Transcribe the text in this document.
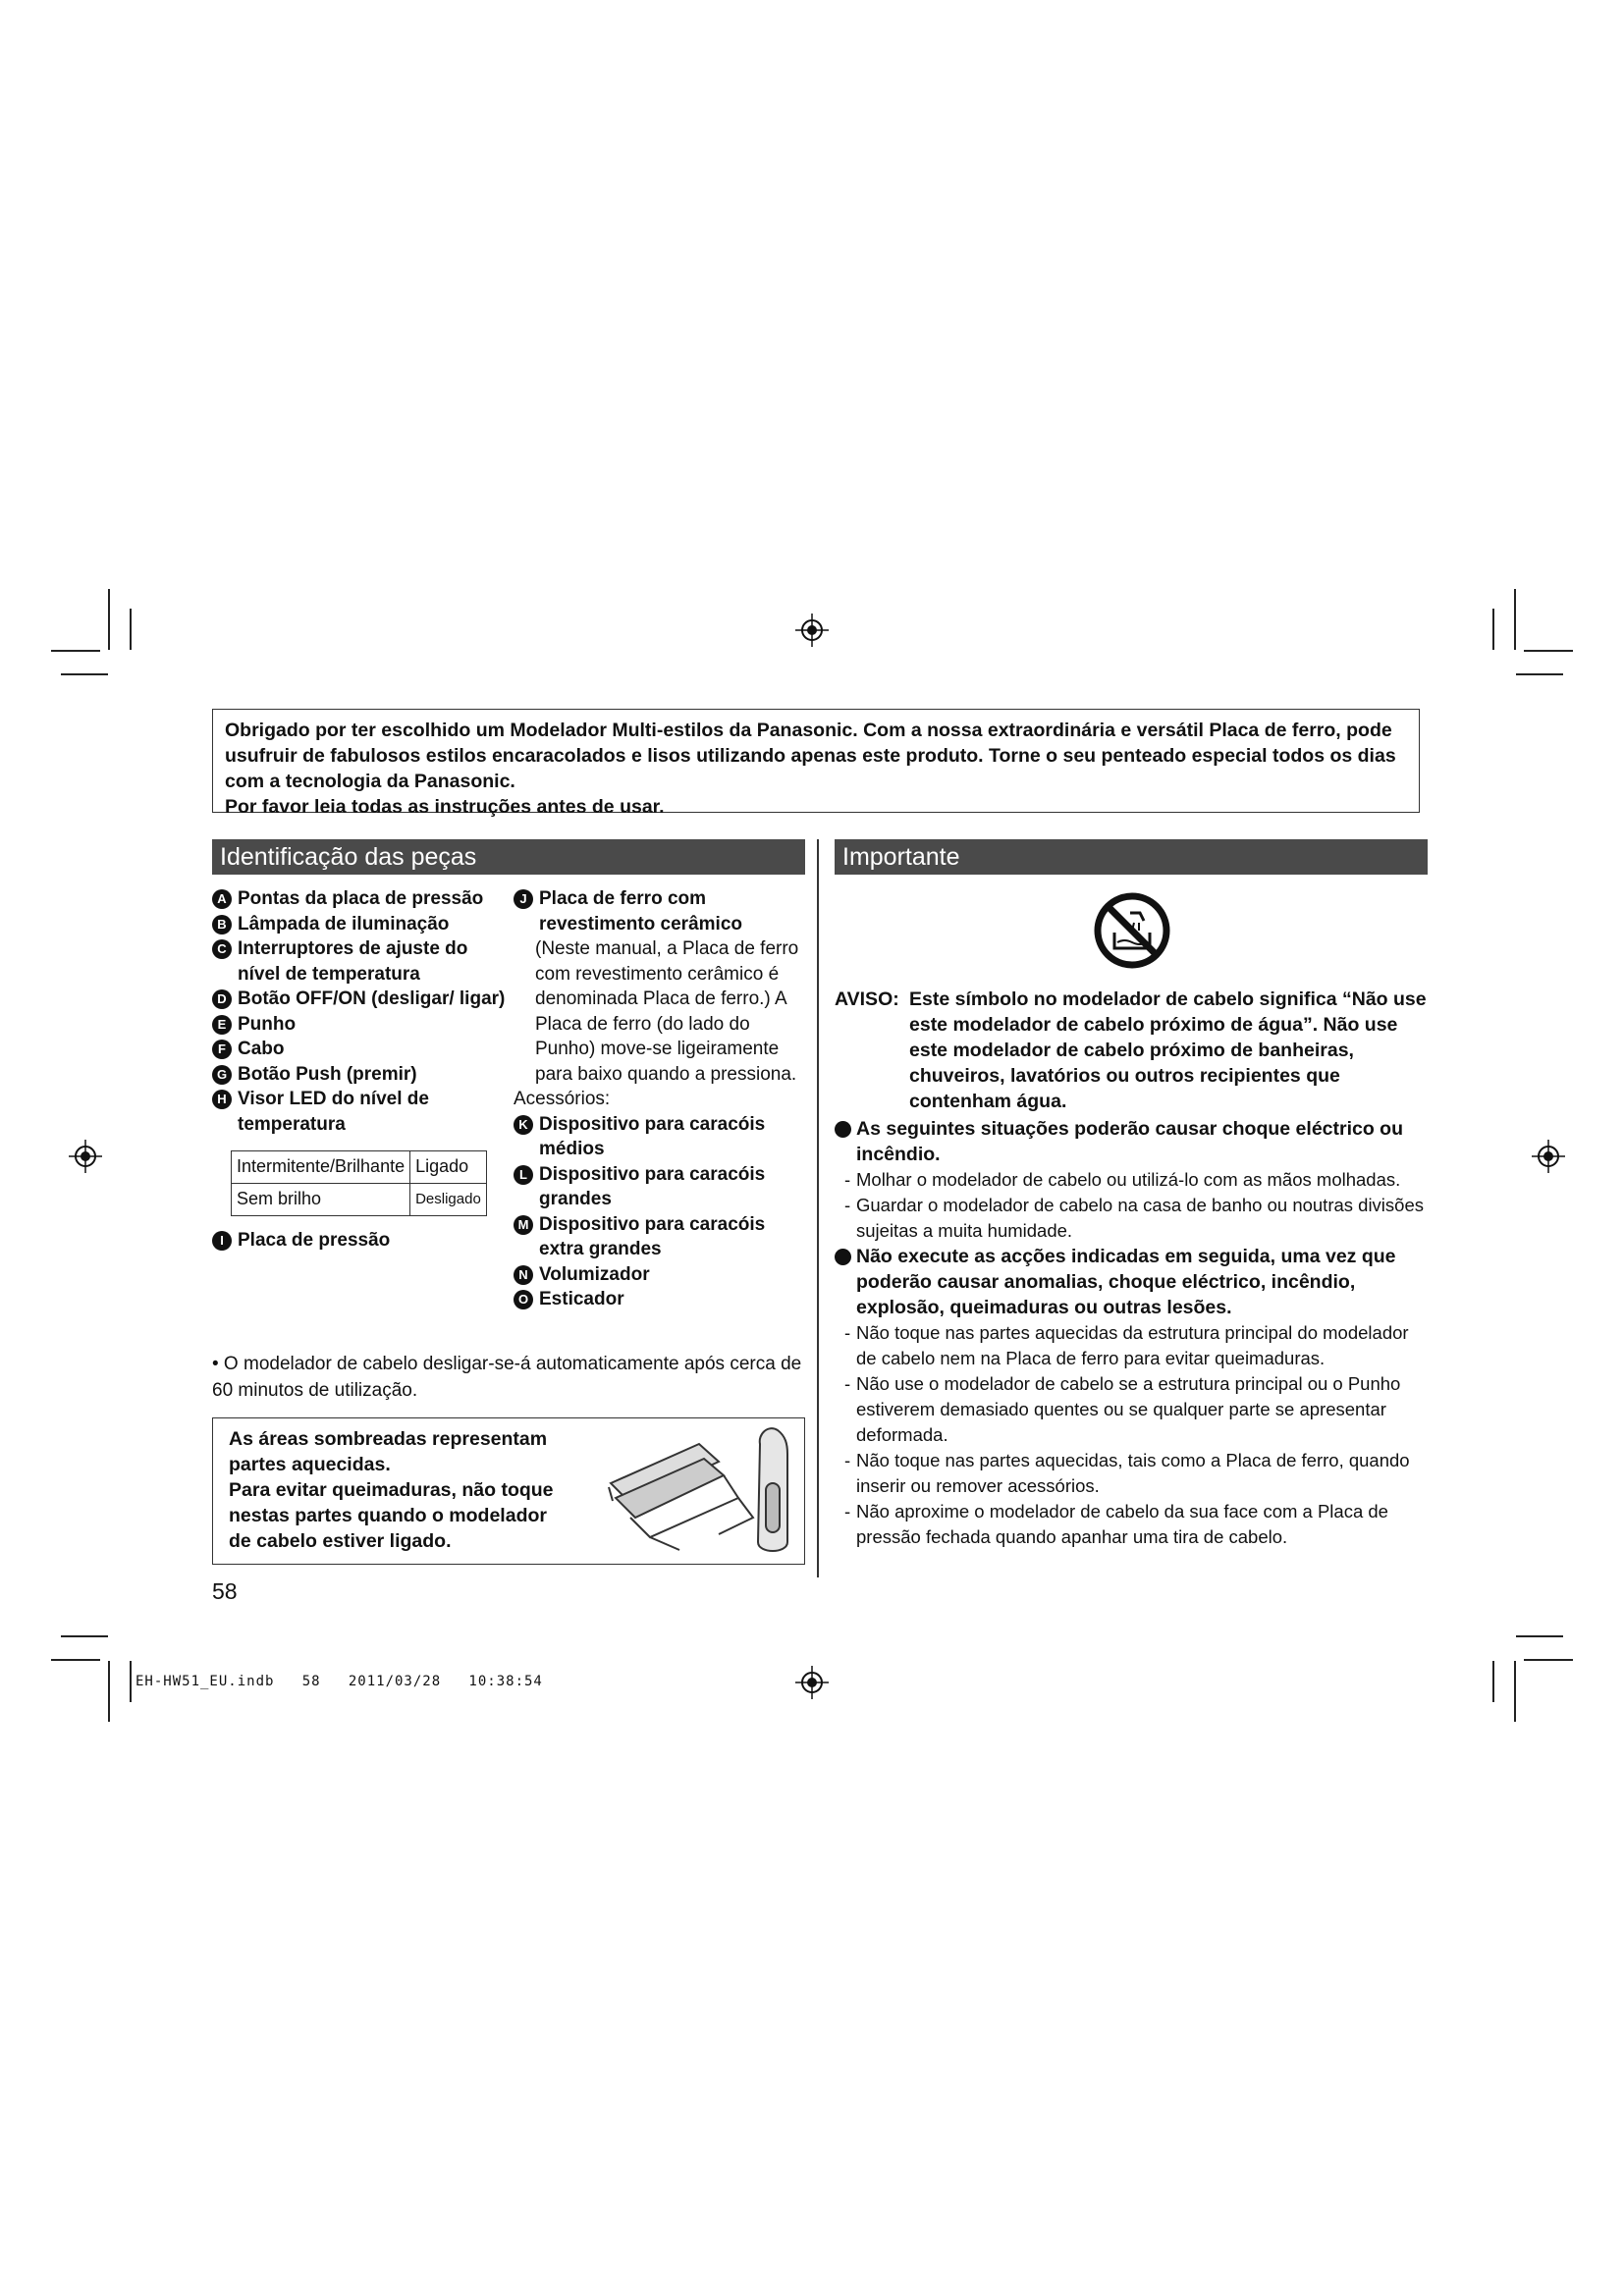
Obrigado por ter escolhido um Modelador Multi-estilos da Panasonic. Com a nossa extraordinária e versátil Placa de ferro, pode usufruir de fabulosos estilos encaracolados e lisos utilizando apenas este produto. Torne o seu penteado especial todos os dias com a tecnologia da Panasonic.

Por favor leia todas as instruções antes de usar.

Identificação das peças	Importante
A Pontas da placa de pressão
B Lâmpada de iluminação
C Interruptores de ajuste do nível de temperatura
D Botão OFF/ON (desligar/ ligar)
E Punho
F Cabo
G Botão Push (premir)
H Visor LED do nível de temperatura
Intermitente/Brilhante	Ligado
Sem brilho	Desligado
I Placa de pressão
J Placa de ferro com revestimento cerâmico
(Neste manual, a Placa de ferro com revestimento cerâmico é denominada Placa de ferro.) A Placa de ferro (do lado do Punho) move-se ligeiramente para baixo quando a pressiona.
Acessórios:
K Dispositivo para caracóis médios
L Dispositivo para caracóis grandes
M Dispositivo para caracóis extra grandes
N Volumizador
O Esticador
• O modelador de cabelo desligar-se-á automaticamente após cerca de 60 minutos de utilização.
As áreas sombreadas representam partes aquecidas.
Para evitar queimaduras, não toque nestas partes quando o modelador de cabelo estiver ligado.
AVISO: Este símbolo no modelador de cabelo significa “Não use este modelador de cabelo próximo de água”. Não use este modelador de cabelo próximo de banheiras, chuveiros, lavatórios ou outros recipientes que contenham água.
As seguintes situações poderão causar choque eléctrico ou incêndio.
- Molhar o modelador de cabelo ou utilizá-lo com as mãos molhadas.
- Guardar o modelador de cabelo na casa de banho ou noutras divisões sujeitas a muita humidade.
Não execute as acções indicadas em seguida, uma vez que poderão causar anomalias, choque eléctrico, incêndio, explosão, queimaduras ou outras lesões.
- Não toque nas partes aquecidas da estrutura principal do modelador de cabelo nem na Placa de ferro para evitar queimaduras.
- Não use o modelador de cabelo se a estrutura principal ou o Punho estiverem demasiado quentes ou se qualquer parte se apresentar deformada.
- Não toque nas partes aquecidas, tais como a Placa de ferro, quando inserir ou remover acessórios.
- Não aproxime o modelador de cabelo da sua face com a Placa de pressão fechada quando apanhar uma tira de cabelo.
58
EH-HW51_EU.indb   58   2011/03/28   10:38:54
